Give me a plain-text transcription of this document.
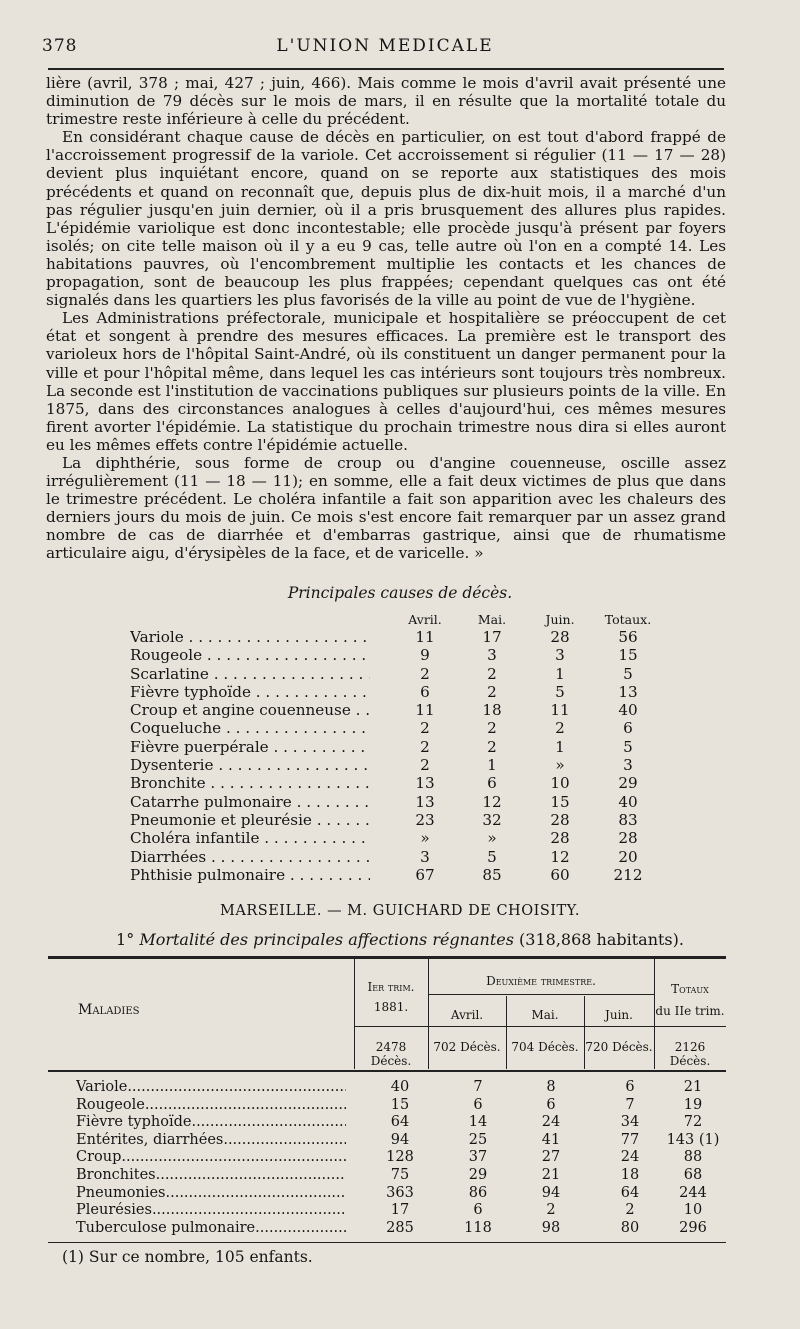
378	L'UNION MEDICALE

lière (avril, 378 ; mai, 427 ; juin, 466). Mais comme le mois d'avril avait présenté une diminution de 79 décès sur le mois de mars, il en résulte que la mortalité totale du trimestre reste inférieure à celle du précédent.

En considérant chaque cause de décès en particulier, on est tout d'abord frappé de l'accroissement progressif de la variole. Cet accroissement si régulier (11 — 17 — 28) devient plus inquiétant encore, quand on se reporte aux statistiques des mois précédents et quand on reconnaît que, depuis plus de dix-huit mois, il a marché d'un pas régulier jusqu'en juin dernier, où il a pris brusquement des allures plus rapides. L'épidémie variolique est donc incontestable; elle procède jusqu'à présent par foyers isolés; on cite telle maison où il y a eu 9 cas, telle autre où l'on en a compté 14. Les habitations pauvres, où l'encombrement multiplie les contacts et les chances de propagation, sont de beaucoup les plus frappées; cependant quelques cas ont été signalés dans les quartiers les plus favorisés de la ville au point de vue de l'hygiène.

Les Administrations préfectorale, municipale et hospitalière se préoccupent de cet état et songent à prendre des mesures efficaces. La première est le transport des varioleux hors de l'hôpital Saint-André, où ils constituent un danger permanent pour la ville et pour l'hôpital même, dans lequel les cas intérieurs sont toujours très nombreux. La seconde est l'institution de vaccinations publiques sur plusieurs points de la ville. En 1875, dans des circonstances analogues à celles d'aujourd'hui, ces mêmes mesures firent avorter l'épidémie. La statistique du prochain trimestre nous dira si elles auront eu les mêmes effets contre l'épidémie actuelle.

La diphthérie, sous forme de croup ou d'angine couenneuse, oscille assez irrégulièrement (11 — 18 — 11); en somme, elle a fait deux victimes de plus que dans le trimestre précédent. Le choléra infantile a fait son apparition avec les chaleurs des derniers jours du mois de juin. Ce mois s'est encore fait remarquer par un assez grand nombre de cas de diarrhée et d'embarras gastrique, ainsi que de rhumatisme articulaire aigu, d'érysipèles de la face, et de varicelle. »

Principales causes de décès.
Avril.	Mai.	Juin.	Totaux.
Variole . . .	11	17	28	56
Rougeole . . .	9	3	3	15
Scarlatine . . .	2	2	1	5
Fièvre typhoïde . . .	6	2	5	13
Croup et angine couenneuse . . .	11	18	11	40
Coqueluche . . .	2	2	2	6
Fièvre puerpérale . . .	2	2	1	5
Dysenterie . . .	2	1	»	3
Bronchite . . .	13	6	10	29
Catarrhe pulmonaire . . .	13	12	15	40
Pneumonie et pleurésie . . .	23	32	28	83
Choléra infantile . . .	»	»	28	28
Diarrhées . . .	3	5	12	20
Phthisie pulmonaire . . .	67	85	60	212
MARSEILLE. — M. GUICHARD DE CHOISITY.
1° Mortalité des principales affections régnantes (318,868 habitants).
Maladies
Ier trim.
1881.
Deuxième trimestre.
Totaux
du IIe trim.
Avril.	Mai.	Juin.
2478 Décès.
702 Décès. 704 Décès. 720 Décès.	2126 Décès.
Variole .....	40	7	8	6	21
Rougeole .....	15	6	6	7	19
Fièvre typhoïde .....	64	14	24	34	72
Entérites, diarrhées .....	94	25	41	77	143 (1)
Croup .....	128	37	27	24	88
Bronchites .....	75	29	21	18	68
Pneumonies .....	363	86	94	64	244
Pleurésies .....	17	6	2	2	10
Tuberculose pulmonaire .....	285	118	98	80	296
(1) Sur ce nombre, 105 enfants.
